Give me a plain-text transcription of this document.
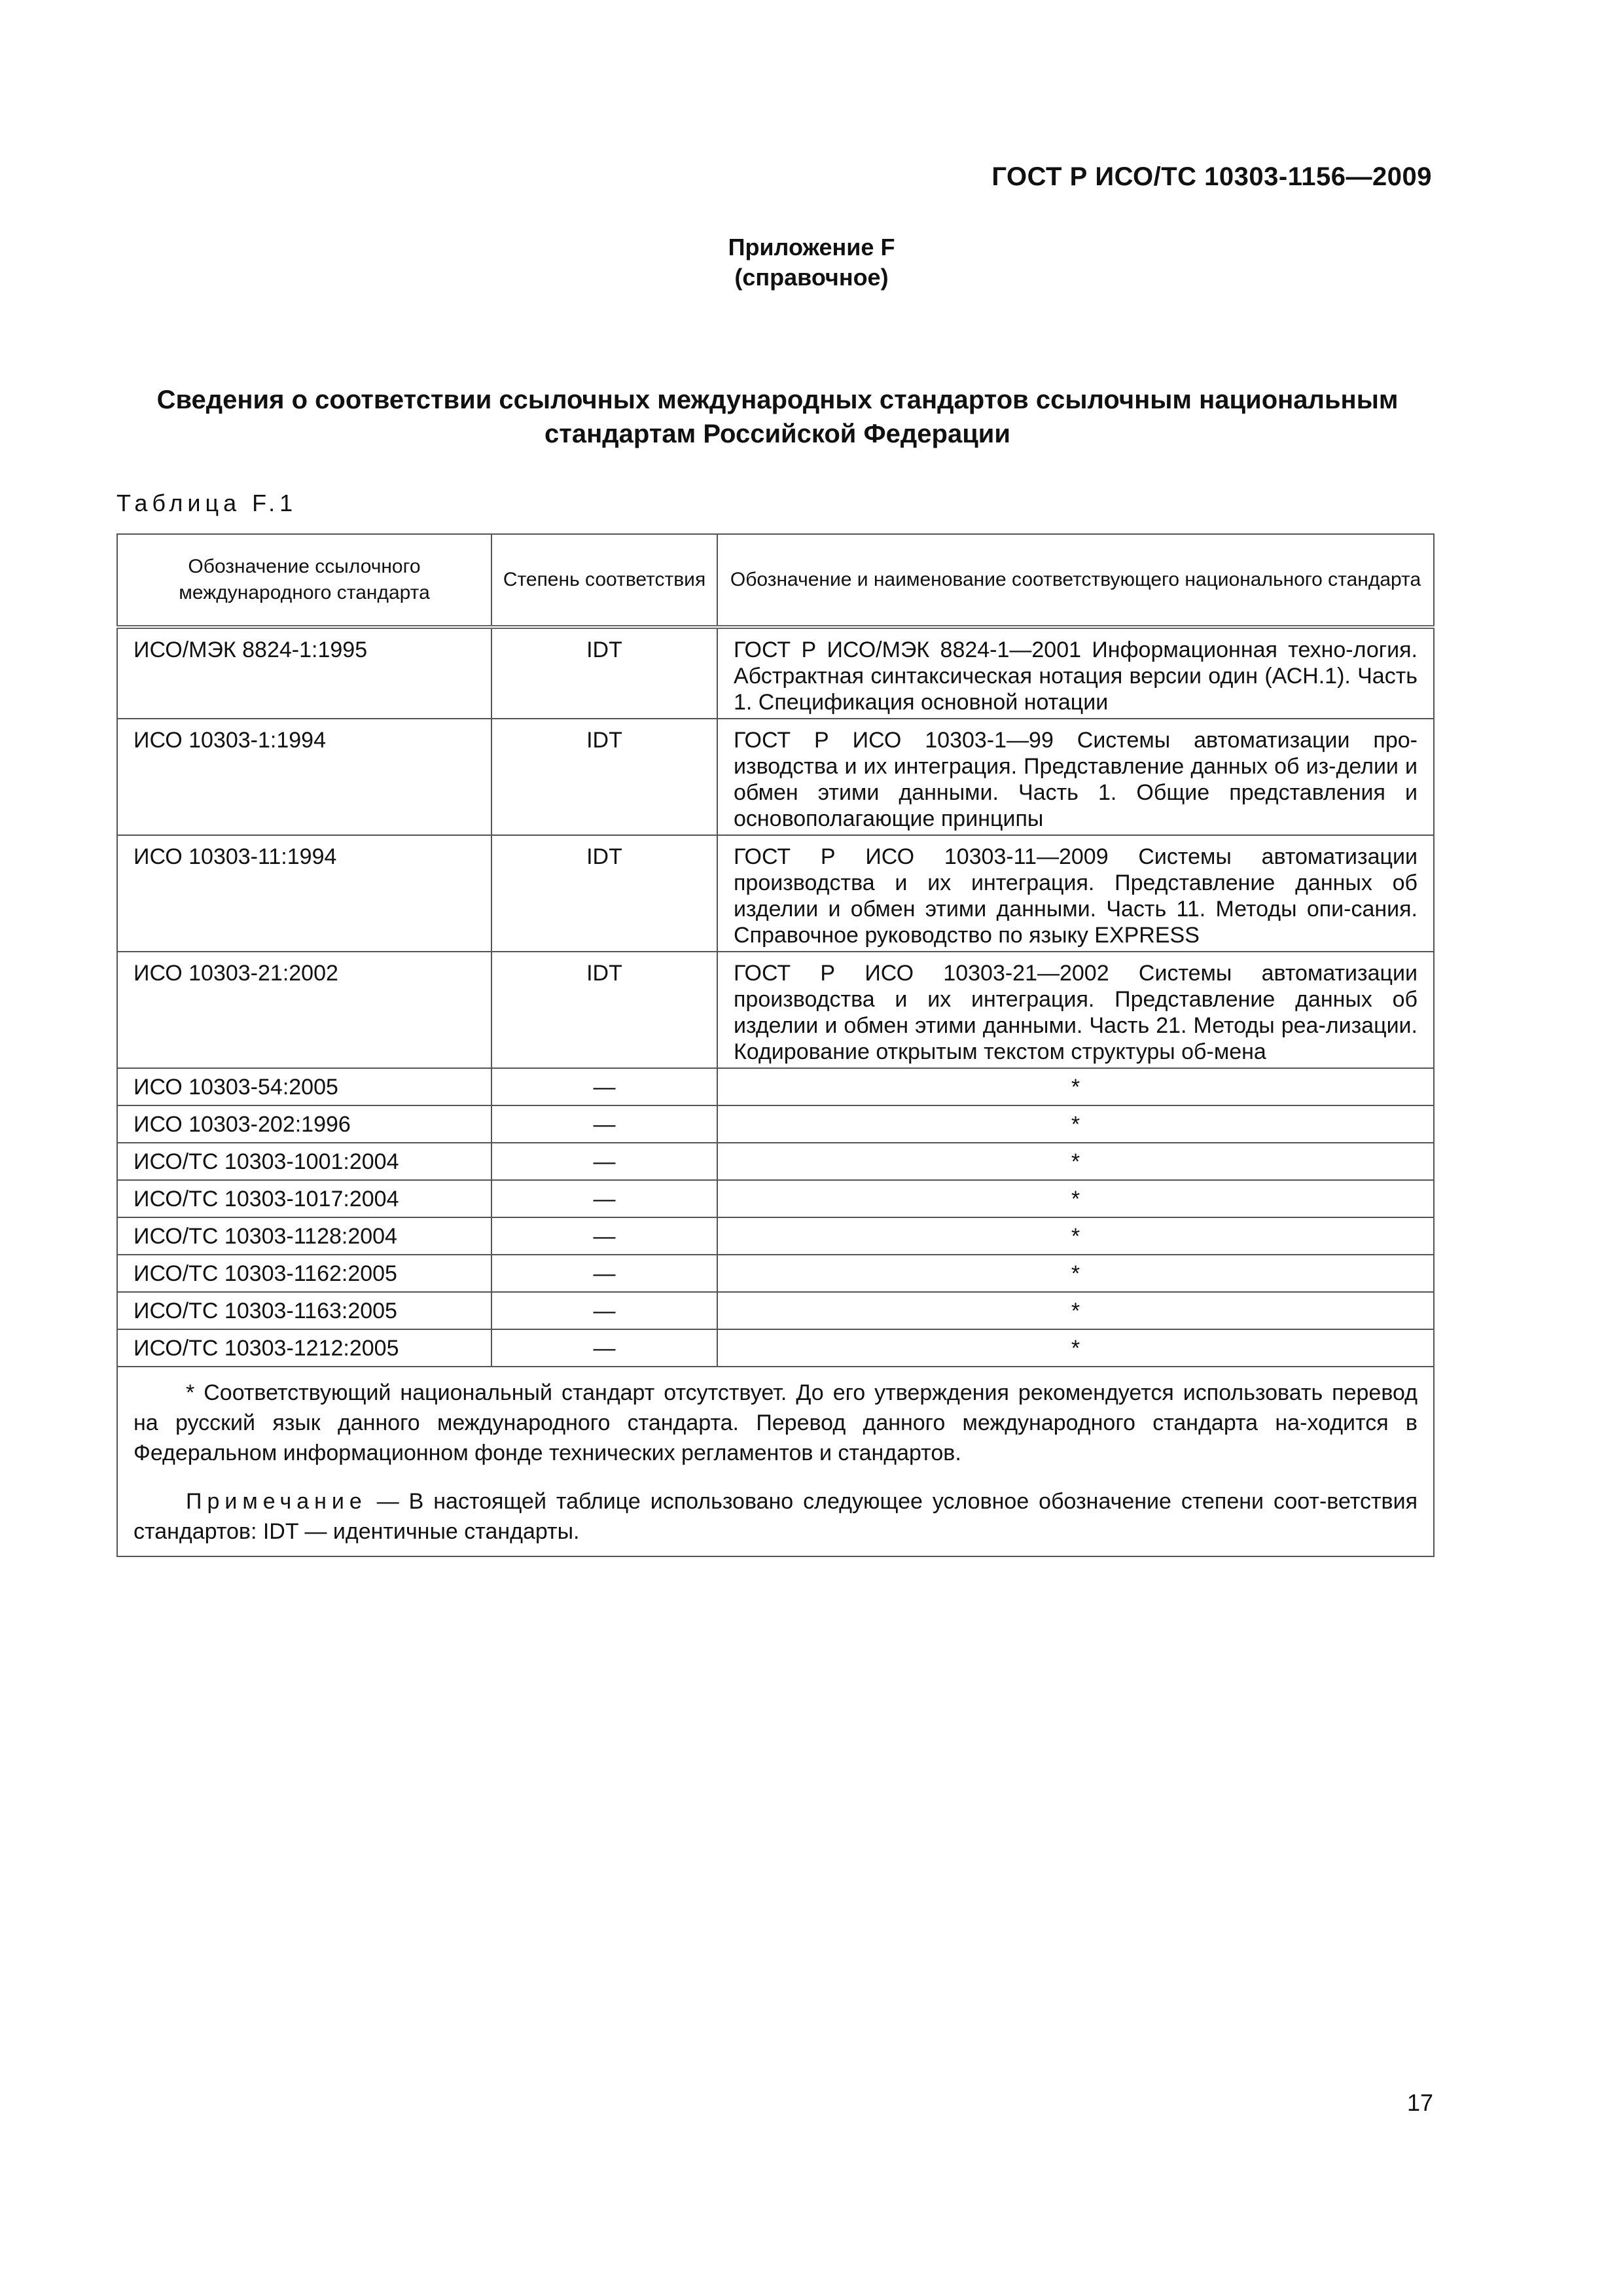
ГОСТ Р ИСО/ТС 10303-1156—2009
Приложение F
(справочное)
Сведения о соответствии ссылочных международных стандартов ссылочным национальным
стандартам Российской Федерации
Таблица F.1
Обозначение ссылочного международного стандарта	Степень соответствия	Обозначение и наименование соответствующего национального стандарта
ИСО/МЭК 8824-1:1995	IDT	ГОСТ Р ИСО/МЭК 8824-1—2001 Информационная техно-логия. Абстрактная синтаксическая нотация версии один (АСН.1). Часть 1. Спецификация основной нотации
ИСО 10303-1:1994	IDT	ГОСТ Р ИСО 10303-1—99 Системы автоматизации про-изводства и их интеграция. Представление данных об из-делии и обмен этими данными. Часть 1. Общие представления и основополагающие принципы
ИСО 10303-11:1994	IDT	ГОСТ Р ИСО 10303-11—2009 Системы автоматизации производства и их интеграция. Представление данных об изделии и обмен этими данными. Часть 11. Методы опи-сания. Справочное руководство по языку EXPRESS
ИСО 10303-21:2002	IDT	ГОСТ Р ИСО 10303-21—2002 Системы автоматизации производства и их интеграция. Представление данных об изделии и обмен этими данными. Часть 21. Методы реа-лизации. Кодирование открытым текстом структуры об-мена
ИСО 10303-54:2005	—	*
ИСО 10303-202:1996	—	*
ИСО/ТС 10303-1001:2004	—	*
ИСО/ТС 10303-1017:2004	—	*
ИСО/ТС 10303-1128:2004	—	*
ИСО/ТС 10303-1162:2005	—	*
ИСО/ТС 10303-1163:2005	—	*
ИСО/ТС 10303-1212:2005	—	*

* Соответствующий национальный стандарт отсутствует. До его утверждения рекомендуется использовать перевод на русский язык данного международного стандарта. Перевод данного международного стандарта на-ходится в Федеральном информационном фонде технических регламентов и стандартов.

Примечание — В настоящей таблице использовано следующее условное обозначение степени соот-ветствия стандартов: IDT — идентичные стандарты.		

17
